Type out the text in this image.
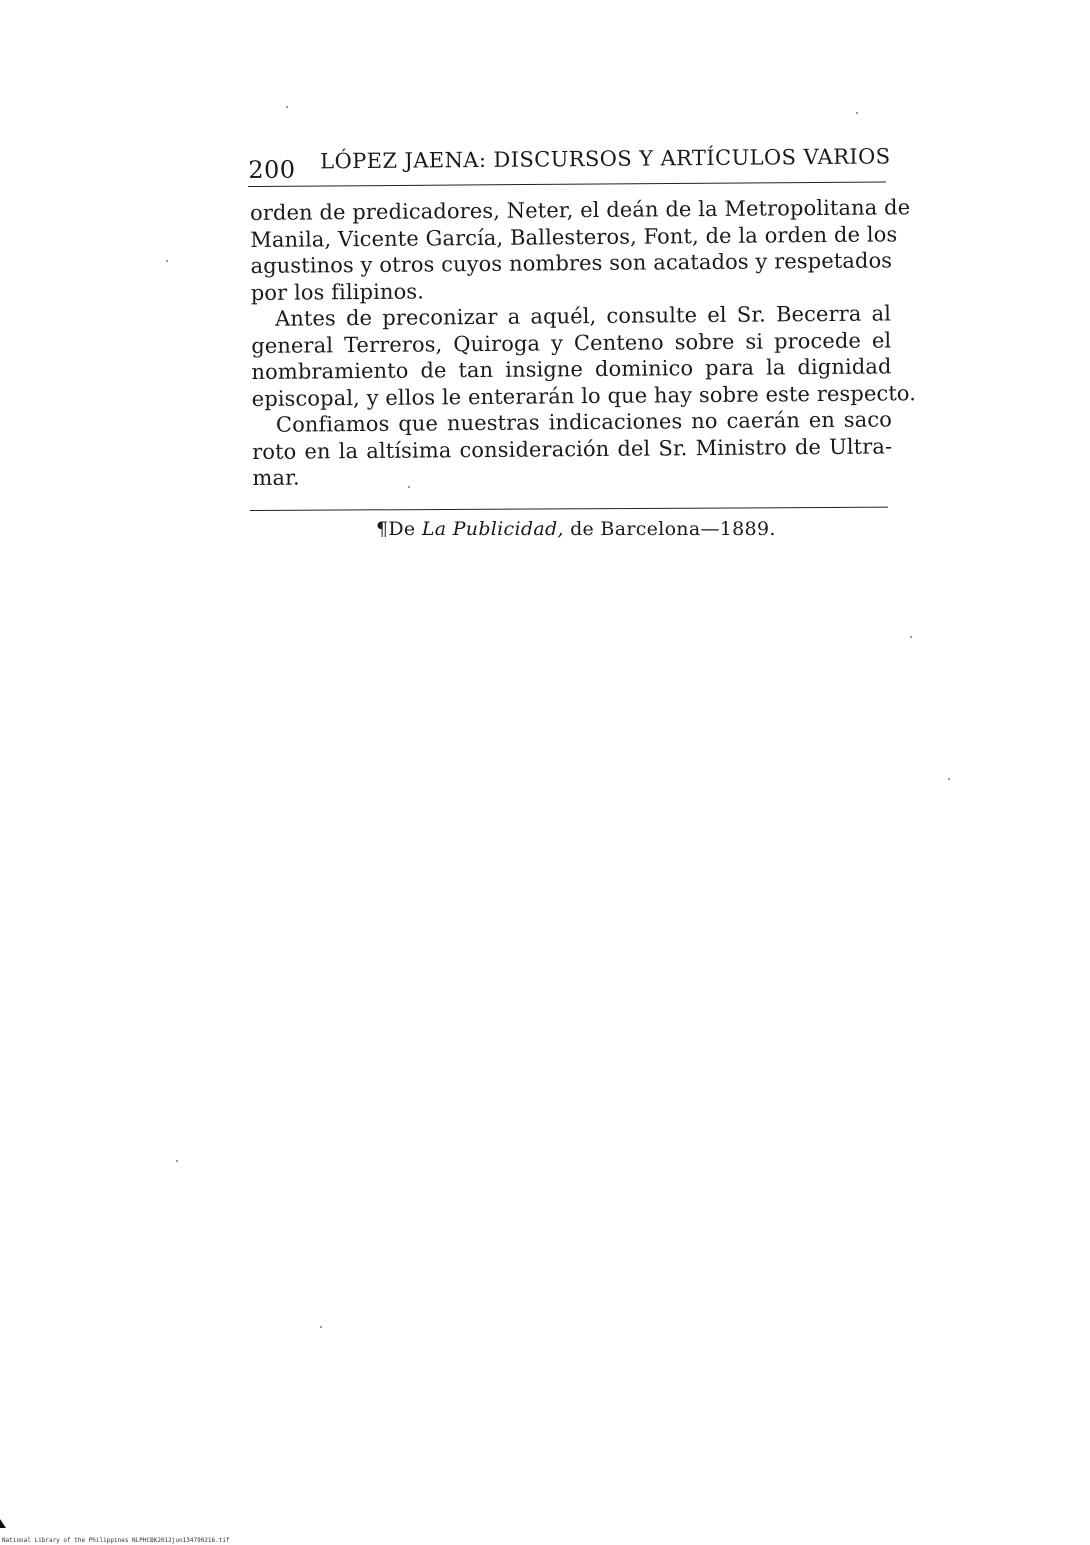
200 LÓPEZ JAENA: DISCURSOS Y ARTÍCULOS VARIOS
orden de predicadores, Neter, el deán de la Metropolitana de
Manila, Vicente García, Ballesteros, Font, de la orden de los
agustinos y otros cuyos nombres son acatados y respetados
por los filipinos.
Antes de preconizar a aquél, consulte el Sr. Becerra al
general Terreros, Quiroga y Centeno sobre si procede el
nombramiento de tan insigne dominico para la dignidad
episcopal, y ellos le enterarán lo que hay sobre este respecto.
Confiamos que nuestras indicaciones no caerán en saco
roto en la altísima consideración del Sr. Ministro de Ultra-
mar.
¶De La Publicidad, de Barcelona—1889.
National Library of the Philippines NLPHCBK2012jun134790216.tif
